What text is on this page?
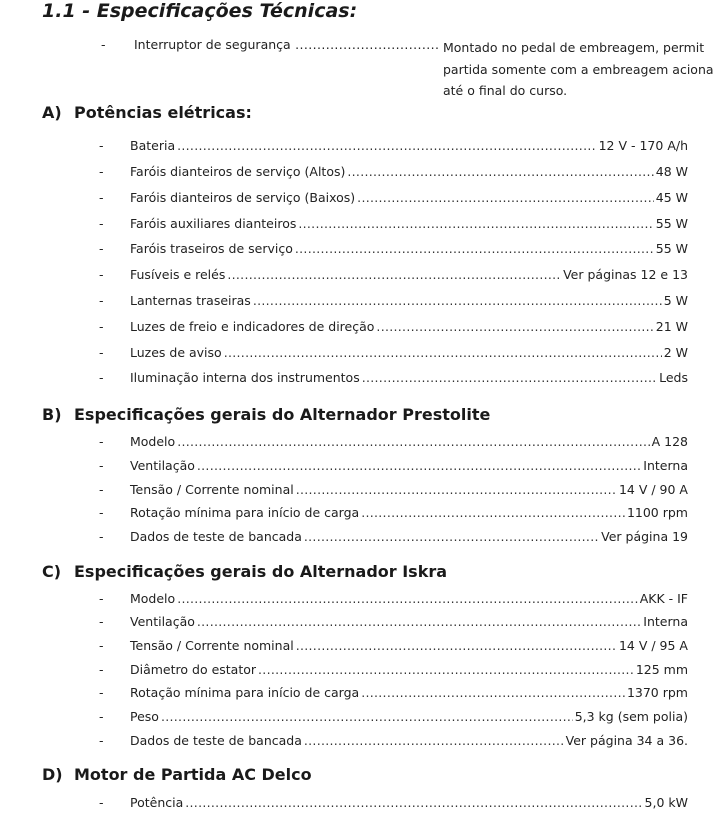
1.1 - Especificações Técnicas:
- Interruptor de segurança .....	Montado no pedal de embreagem, permit
partida somente com a embreagem aciona
até o final do curso.
A) Potências elétricas:
- Bateria .....	12 V - 170 A/h
- Faróis dianteiros de serviço (Altos) .....	48 W
- Faróis dianteiros de serviço (Baixos) .....	45 W
- Faróis auxiliares dianteiros .....	55 W
- Faróis traseiros de serviço .....	55 W
- Fusíveis e relés .....	Ver páginas 12 e 13
- Lanternas traseiras .....	5 W
- Luzes de freio e indicadores de direção .....	21 W
- Luzes de aviso .....	2 W
- Iluminação interna dos instrumentos .....	Leds
B) Especificações gerais do Alternador Prestolite
- Modelo .....	A 128
- Ventilação .....	Interna
- Tensão / Corrente nominal .....	14 V / 90 A
- Rotação mínima para início de carga .....	1100 rpm
- Dados de teste de bancada .....	Ver página 19
C) Especificações gerais do Alternador Iskra
- Modelo .....	AKK - IF
- Ventilação .....	Interna
- Tensão / Corrente nominal .....	14 V / 95 A
- Diâmetro do estator .....	125 mm
- Rotação mínima para início de carga .....	1370 rpm
- Peso .....	5,3 kg (sem polia)
- Dados de teste de bancada .....	Ver página 34 a 36.
D) Motor de Partida AC Delco
- Potência .....	5,0 kW
